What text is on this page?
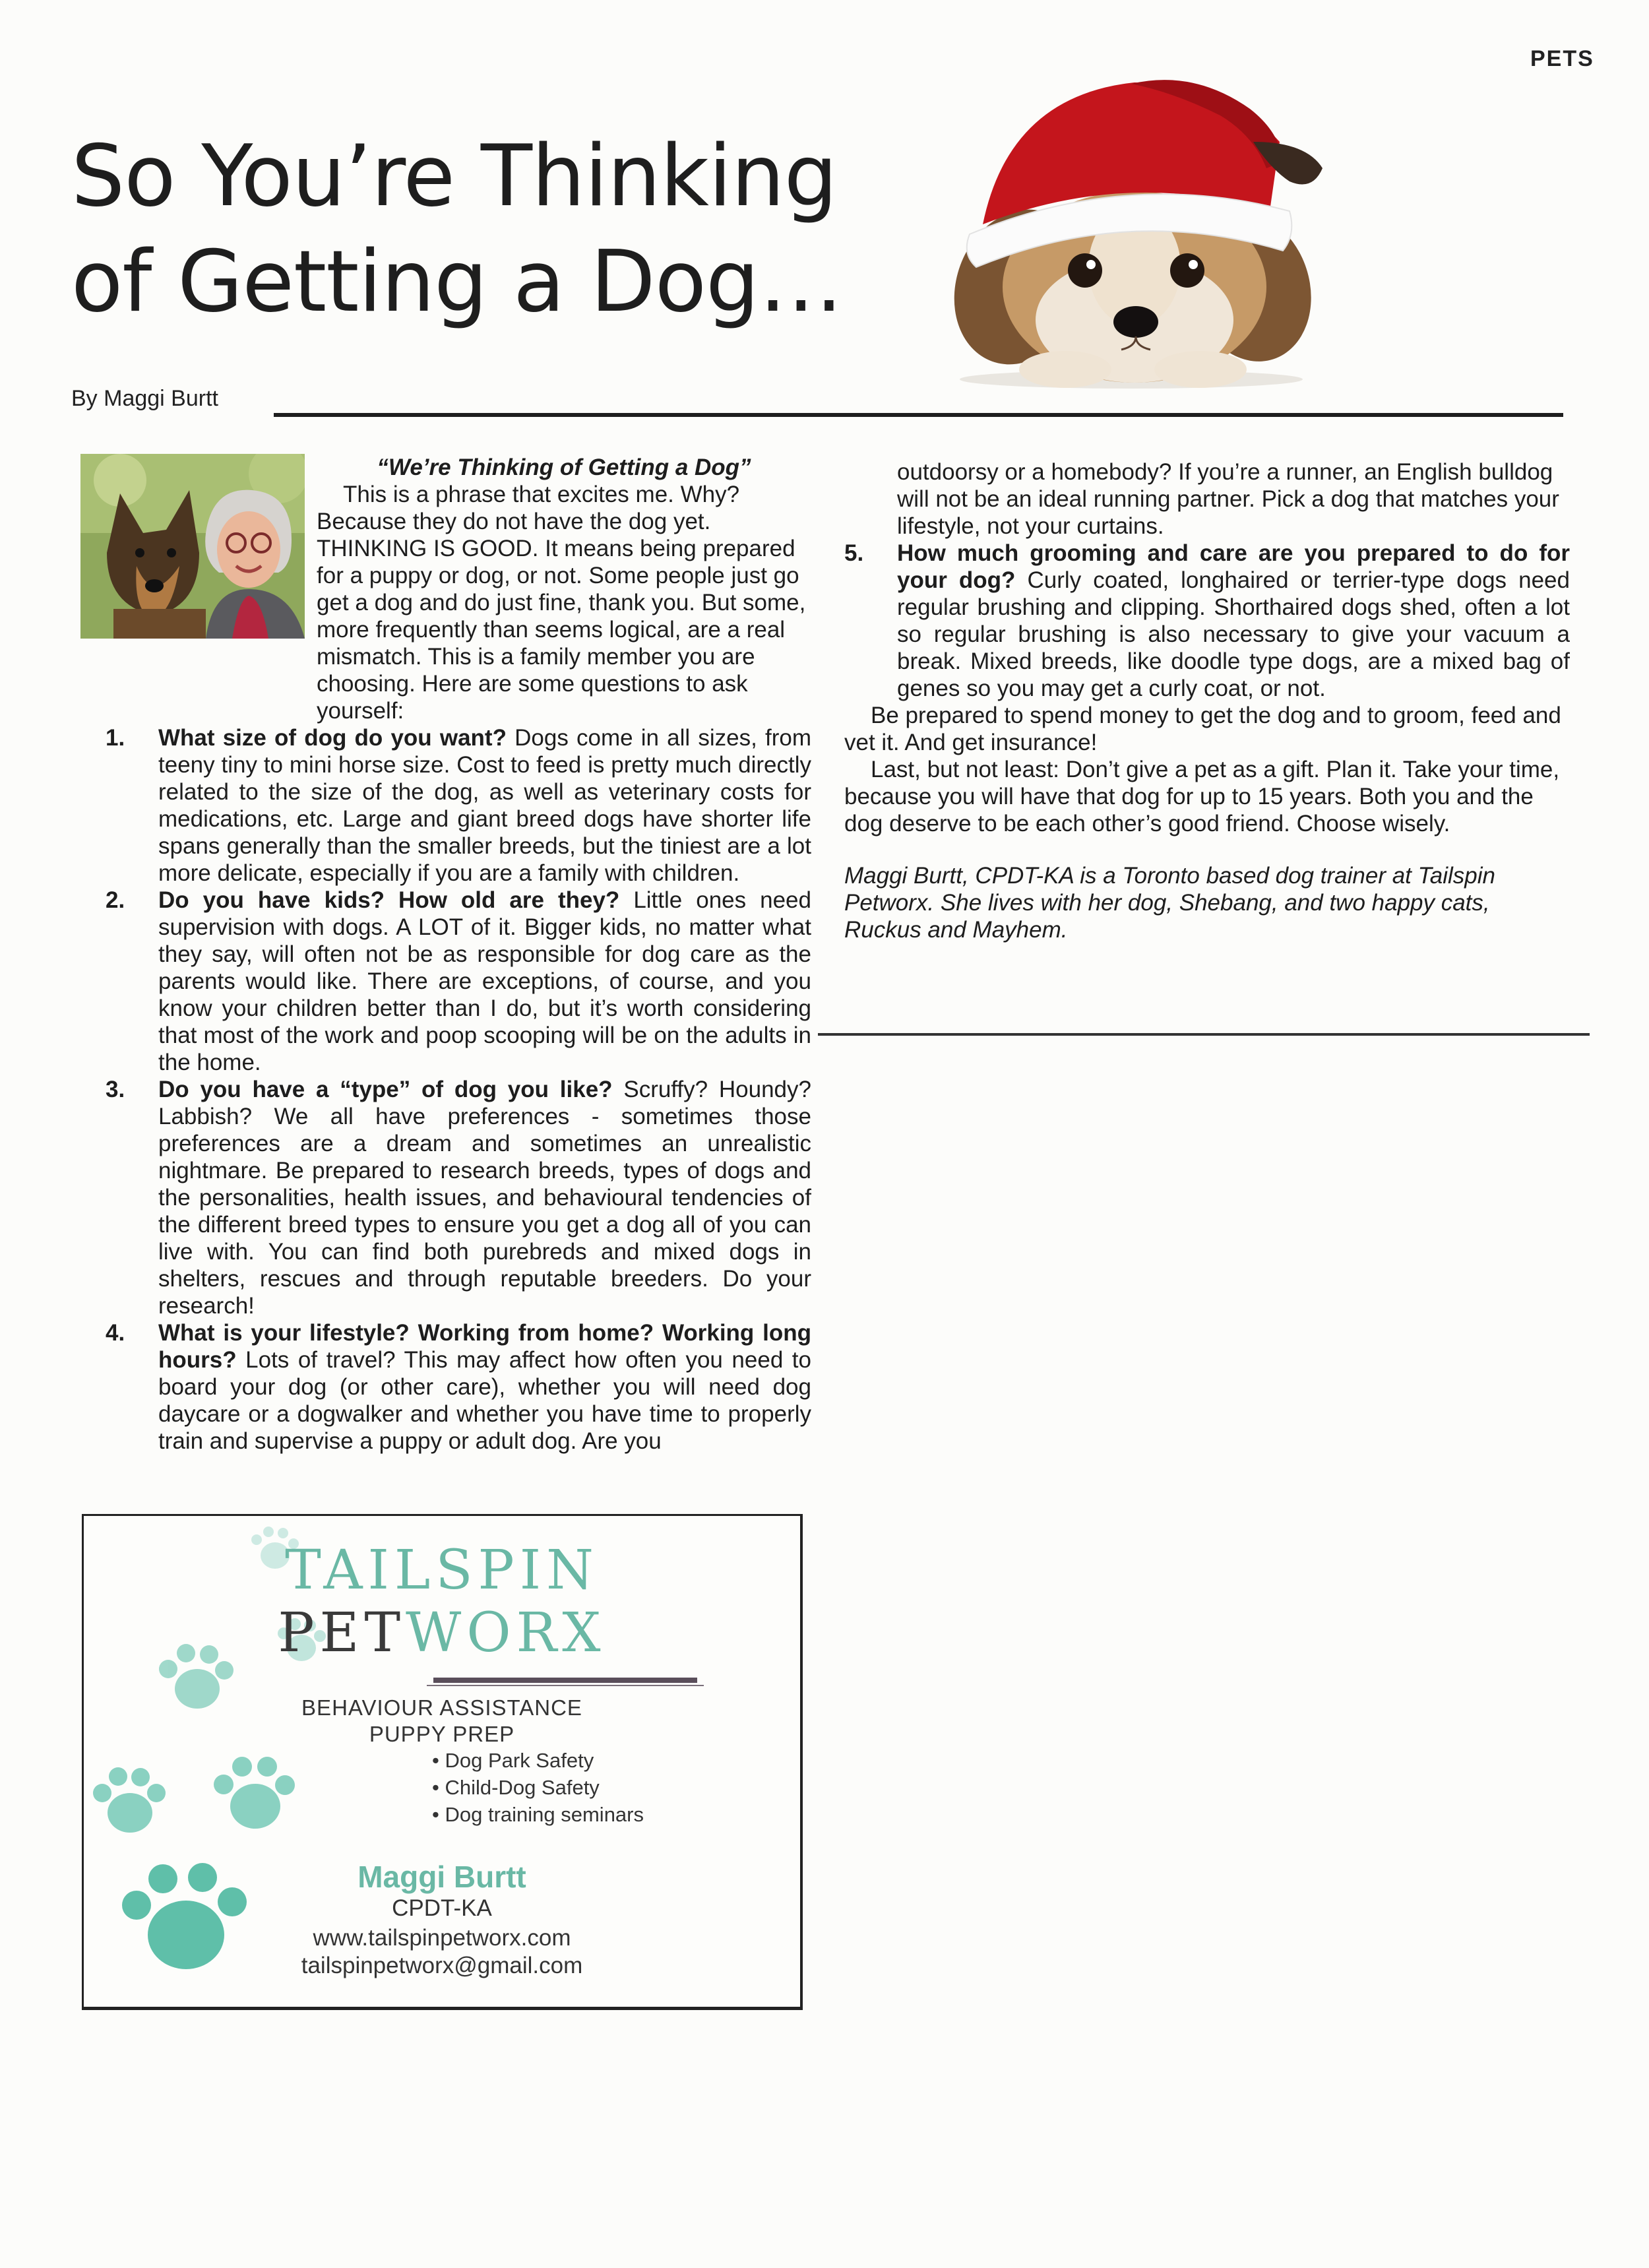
PETS
So You’re Thinking
of Getting a Dog…
By Maggi Burtt
“We’re Thinking of Getting a Dog”
This is a phrase that excites me. Why? Because they do not have the dog yet. THINKING IS GOOD. It means being prepared for a puppy or dog, or not. Some people just go get a dog and do just fine, thank you. But some, more frequently than seems logical, are a real mismatch. This is a family member you are choosing. Here are some questions to ask yourself:
1. What size of dog do you want? Dogs come in all sizes, from teeny tiny to mini horse size. Cost to feed is pretty much directly related to the size of the dog, as well as veterinary costs for medications, etc. Large and giant breed dogs have shorter life spans generally than the smaller breeds, but the tiniest are a lot more delicate, especially if you are a family with children.
2. Do you have kids? How old are they? Little ones need supervision with dogs. A LOT of it. Bigger kids, no matter what they say, will often not be as responsible for dog care as the parents would like. There are exceptions, of course, and you know your children better than I do, but it’s worth considering that most of the work and poop scooping will be on the adults in the home.
3. Do you have a “type” of dog you like? Scruffy? Houndy? Labbish? We all have preferences - sometimes those preferences are a dream and sometimes an unrealistic nightmare. Be prepared to research breeds, types of dogs and the personalities, health issues, and behavioural tendencies of the different breed types to ensure you get a dog all of you can live with. You can find both purebreds and mixed dogs in shelters, rescues and through reputable breeders. Do your research!
4. What is your lifestyle? Working from home? Working long hours? Lots of travel? This may affect how often you need to board your dog (or other care), whether you will need dog daycare or a dogwalker and whether you have time to properly train and supervise a puppy or adult dog. Are you
outdoorsy or a homebody? If you’re a runner, an English bulldog will not be an ideal running partner. Pick a dog that matches your lifestyle, not your curtains.
5. How much grooming and care are you prepared to do for your dog? Curly coated, longhaired or terrier-type dogs need regular brushing and clipping. Shorthaired dogs shed, often a lot so regular brushing is also necessary to give your vacuum a break. Mixed breeds, like doodle type dogs, are a mixed bag of genes so you may get a curly coat, or not.

Be prepared to spend money to get the dog and to groom, feed and vet it. And get insurance!

Last, but not least: Don’t give a pet as a gift. Plan it. Take your time, because you will have that dog for up to 15 years. Both you and the dog deserve to be each other’s good friend. Choose wisely.

Maggi Burtt, CPDT-KA is a Toronto based dog trainer at Tailspin Petworx. She lives with her dog, Shebang, and two happy cats, Ruckus and Mayhem.

TAILSPIN
PETWORX
BEHAVIOUR ASSISTANCE
PUPPY PREP
• Dog Park Safety
• Child-Dog Safety
• Dog training seminars
Maggi Burtt
CPDT-KA
www.tailspinpetworx.com
tailspinpetworx@gmail.com
